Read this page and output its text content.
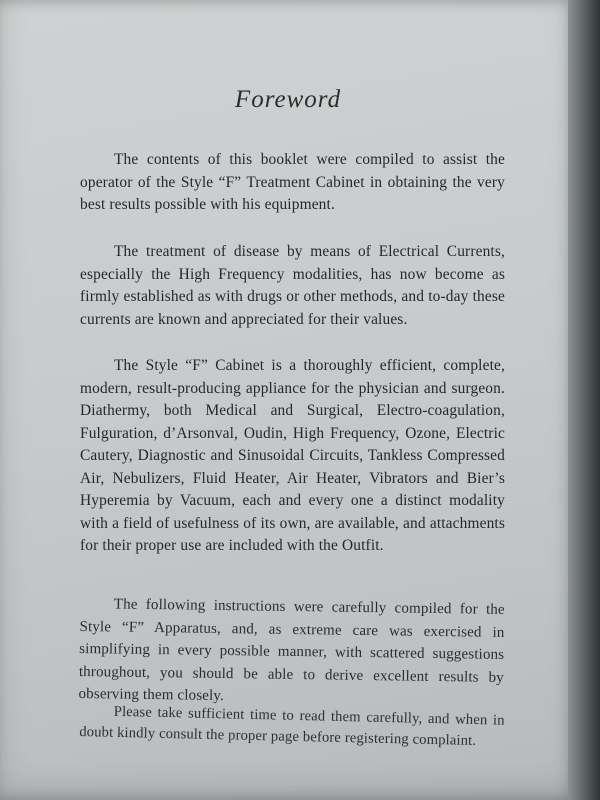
Foreword

The contents of this booklet were compiled to assist the operator of the Style “F” Treatment Cabinet in obtaining the very best results possible with his equipment.

The treatment of disease by means of Electrical Currents, especially the High Frequency modalities, has now become as firmly established as with drugs or other methods, and to-day these currents are known and appreciated for their values.

The Style “F” Cabinet is a thoroughly efficient, complete, modern, result-producing appliance for the physician and surgeon. Diathermy, both Medical and Surgical, Electro-coagulation, Fulguration, d’Arsonval, Oudin, High Frequency, Ozone, Electric Cautery, Diagnostic and Sinusoidal Circuits, Tankless Compressed Air, Nebulizers, Fluid Heater, Air Heater, Vibrators and Bier’s Hyperemia by Vacuum, each and every one a distinct modality with a field of usefulness of its own, are available, and attachments for their proper use are included with the Outfit.

The following instructions were carefully compiled for the Style “F” Apparatus, and, as extreme care was exercised in simplifying in every possible manner, with scattered suggestions throughout, you should be able to derive excellent results by observing them closely.

Please take sufficient time to read them carefully, and when in doubt kindly consult the proper page before registering complaint.
